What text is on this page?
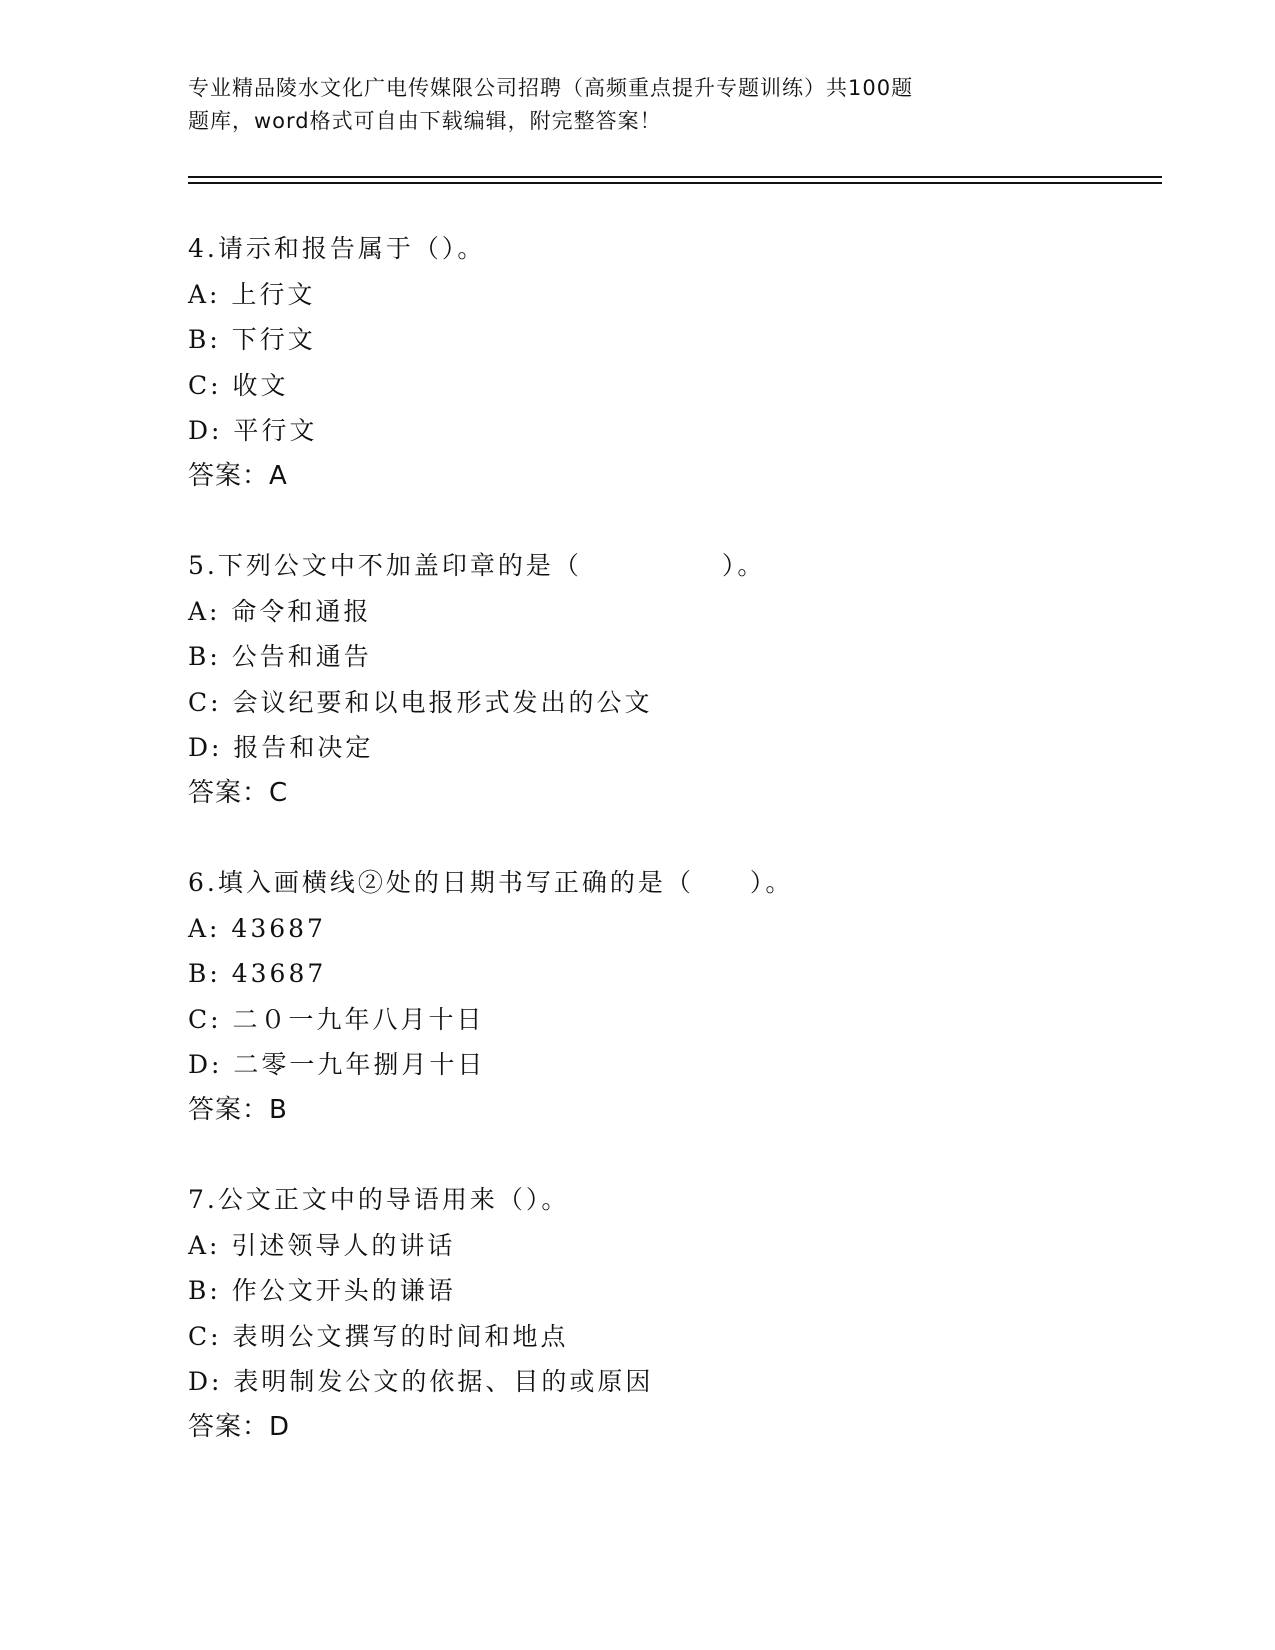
专业精品陵水文化广电传媒限公司招聘（高频重点提升专题训练）共100题
题库，word格式可自由下载编辑，附完整答案！
4.请示和报告属于（）。
A: 上行文
B: 下行文
C: 收文
D: 平行文
答案：A
5.下列公文中不加盖印章的是（　　　　　）。
A: 命令和通报
B: 公告和通告
C: 会议纪要和以电报形式发出的公文
D: 报告和决定
答案：C
6.填入画横线②处的日期书写正确的是（　　）。
A: 43687
B: 43687
C: 二０一九年八月十日
D: 二零一九年捌月十日
答案：B
7.公文正文中的导语用来（）。
A: 引述领导人的讲话
B: 作公文开头的谦语
C: 表明公文撰写的时间和地点
D: 表明制发公文的依据、目的或原因
答案：D
